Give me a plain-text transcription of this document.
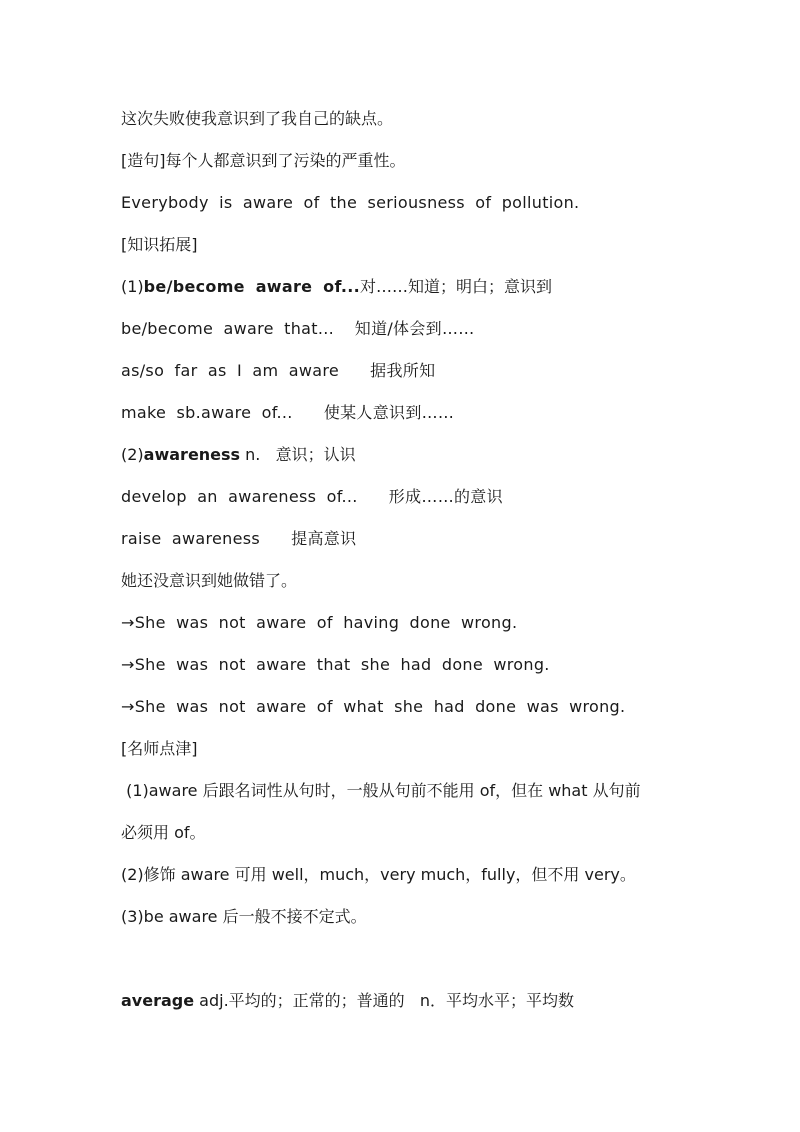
这次失败使我意识到了我自己的缺点。
[造句]每个人都意识到了污染的严重性。
Everybody is aware of the seriousness of pollution.
[知识拓展]
(1)be/become aware of...对……知道；明白；意识到
be/become aware that...  知道/体会到……
as/so far as I am aware   据我所知
make sb.aware of...   使某人意识到……
(2)awareness n.   意识；认识
develop an awareness of...   形成……的意识
raise awareness   提高意识
她还没意识到她做错了。
→She was not aware of having done wrong.
→She was not aware that she had done wrong.
→She was not aware of what she had done was wrong.
[名师点津]
(1)aware 后跟名词性从句时，一般从句前不能用 of，但在 what 从句前
必须用 of。
(2)修饰 aware 可用 well，much，very much，fully，但不用 very。
(3)be aware 后一般不接不定式。
average adj.平均的；正常的；普通的   n．平均水平；平均数
